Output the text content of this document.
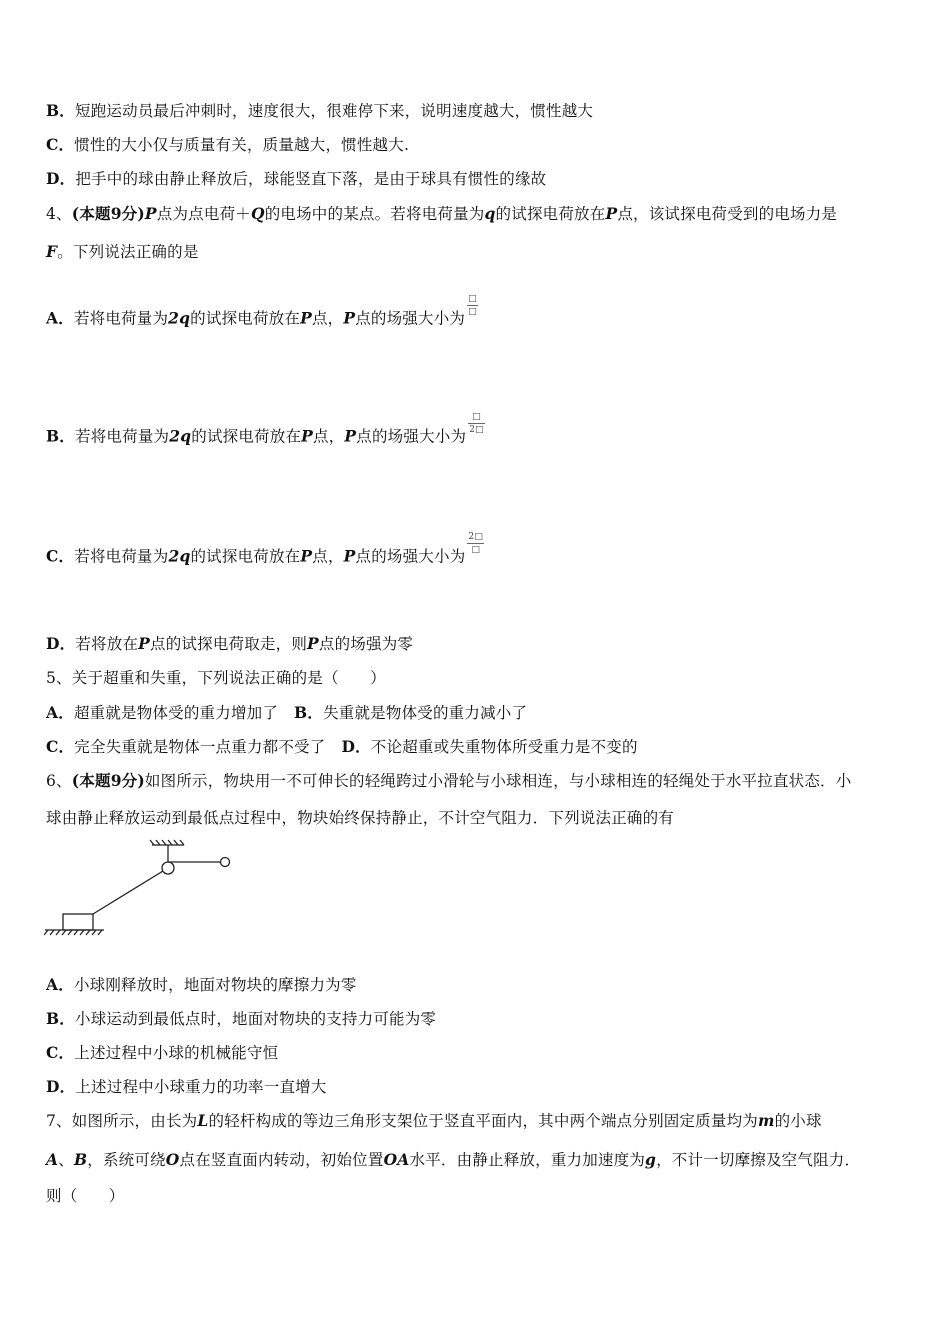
B．短跑运动员最后冲刺时，速度很大，很难停下来，说明速度越大，惯性越大
C．惯性的大小仅与质量有关，质量越大，惯性越大.
D．把手中的球由静止释放后，球能竖直下落，是由于球具有惯性的缘故
4、(本题9分)P点为点电荷＋Q的电场中的某点。若将电荷量为q的试探电荷放在P点，该试探电荷受到的电场力是
F。下列说法正确的是
A．若将电荷量为2q的试探电荷放在P点，P点的场强大小为
$\frac{□}{□}$
B．若将电荷量为2q的试探电荷放在P点，P点的场强大小为
$\frac{□}{2□}$
C．若将电荷量为2q的试探电荷放在P点，P点的场强大小为
$\frac{2□}{□}$
D．若将放在P点的试探电荷取走，则P点的场强为零
5、关于超重和失重，下列说法正确的是（　　）
A．超重就是物体受的重力增加了 B．失重就是物体受的重力减小了
C．完全失重就是物体一点重力都不受了 D．不论超重或失重物体所受重力是不变的
6、(本题9分)如图所示，物块用一不可伸长的轻绳跨过小滑轮与小球相连，与小球相连的轻绳处于水平拉直状态．小
球由静止释放运动到最低点过程中，物块始终保持静止，不计空气阻力．下列说法正确的有
A．小球刚释放时，地面对物块的摩擦力为零
B．小球运动到最低点时，地面对物块的支持力可能为零
C．上述过程中小球的机械能守恒
D．上述过程中小球重力的功率一直增大
7、如图所示，由长为L的轻杆构成的等边三角形支架位于竖直平面内，其中两个端点分别固定质量均为m的小球
A、B，系统可绕O点在竖直面内转动，初始位置OA水平．由静止释放，重力加速度为g，不计一切摩擦及空气阻力．
则（　　）
